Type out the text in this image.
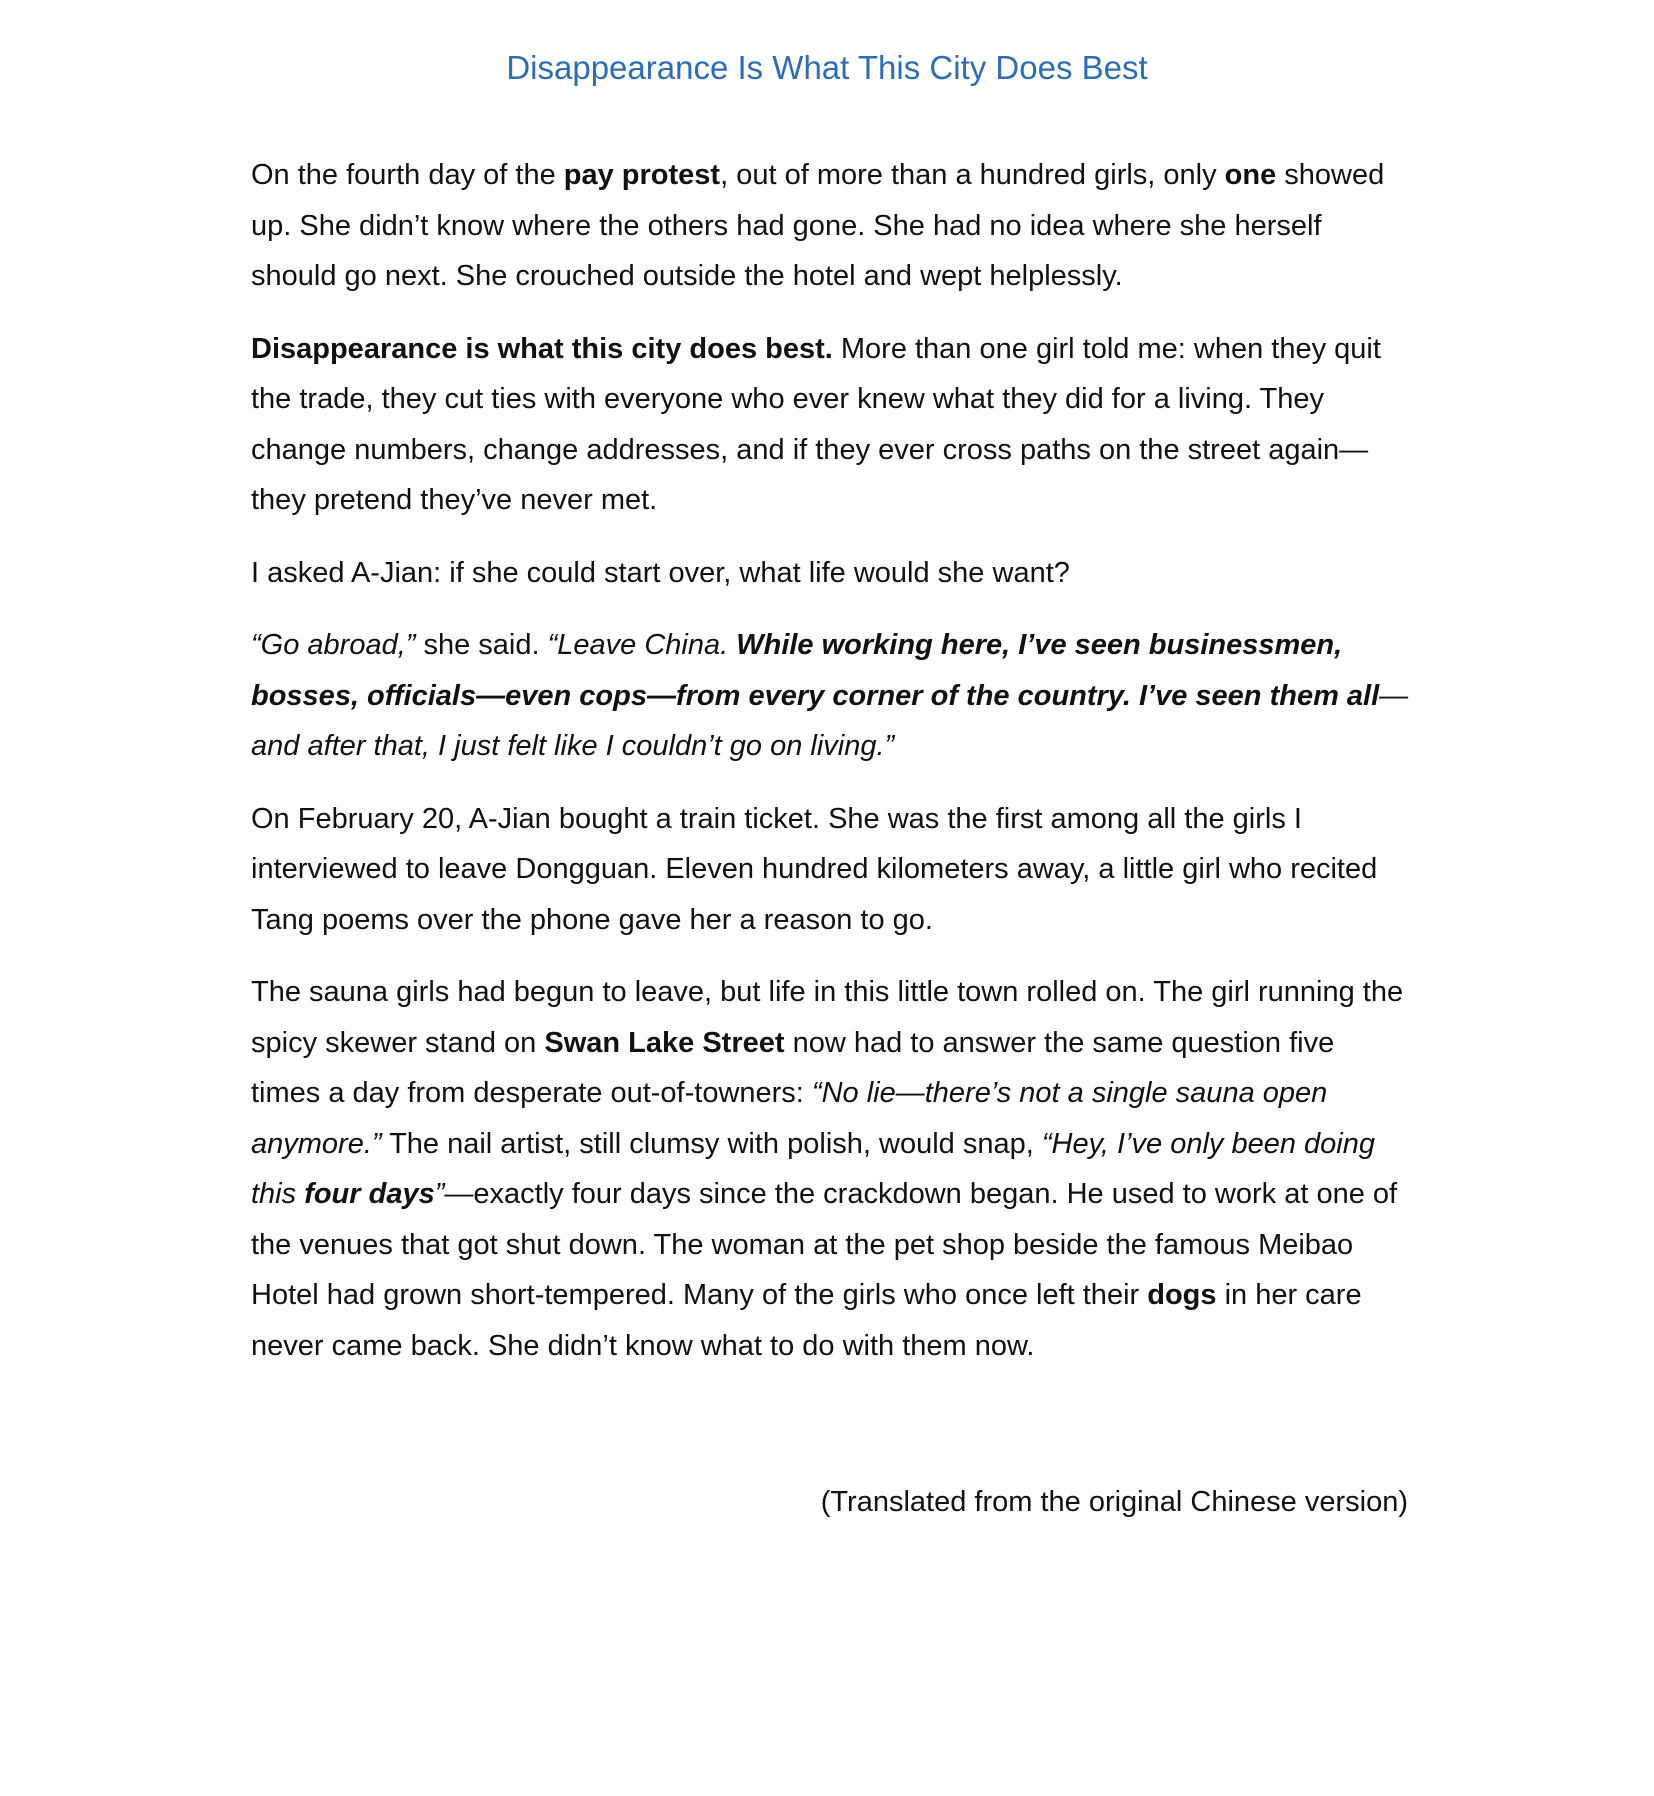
Disappearance Is What This City Does Best

On the fourth day of the pay protest, out of more than a hundred girls, only one showed up. She didn’t know where the others had gone. She had no idea where she herself should go next. She crouched outside the hotel and wept helplessly.

Disappearance is what this city does best. More than one girl told me: when they quit the trade, they cut ties with everyone who ever knew what they did for a living. They change numbers, change addresses, and if they ever cross paths on the street again—they pretend they’ve never met.

I asked A-Jian: if she could start over, what life would she want?

“Go abroad,” she said. “Leave China. While working here, I’ve seen businessmen, bosses, officials—even cops—from every corner of the country. I’ve seen them all—and after that, I just felt like I couldn’t go on living.”

On February 20, A-Jian bought a train ticket. She was the first among all the girls I interviewed to leave Dongguan. Eleven hundred kilometers away, a little girl who recited Tang poems over the phone gave her a reason to go.

The sauna girls had begun to leave, but life in this little town rolled on. The girl running the spicy skewer stand on Swan Lake Street now had to answer the same question five times a day from desperate out-of-towners: “No lie—there’s not a single sauna open anymore.” The nail artist, still clumsy with polish, would snap, “Hey, I’ve only been doing this four days”—exactly four days since the crackdown began. He used to work at one of the venues that got shut down. The woman at the pet shop beside the famous Meibao Hotel had grown short-tempered. Many of the girls who once left their dogs in her care never came back. She didn’t know what to do with them now.

(Translated from the original Chinese version)
